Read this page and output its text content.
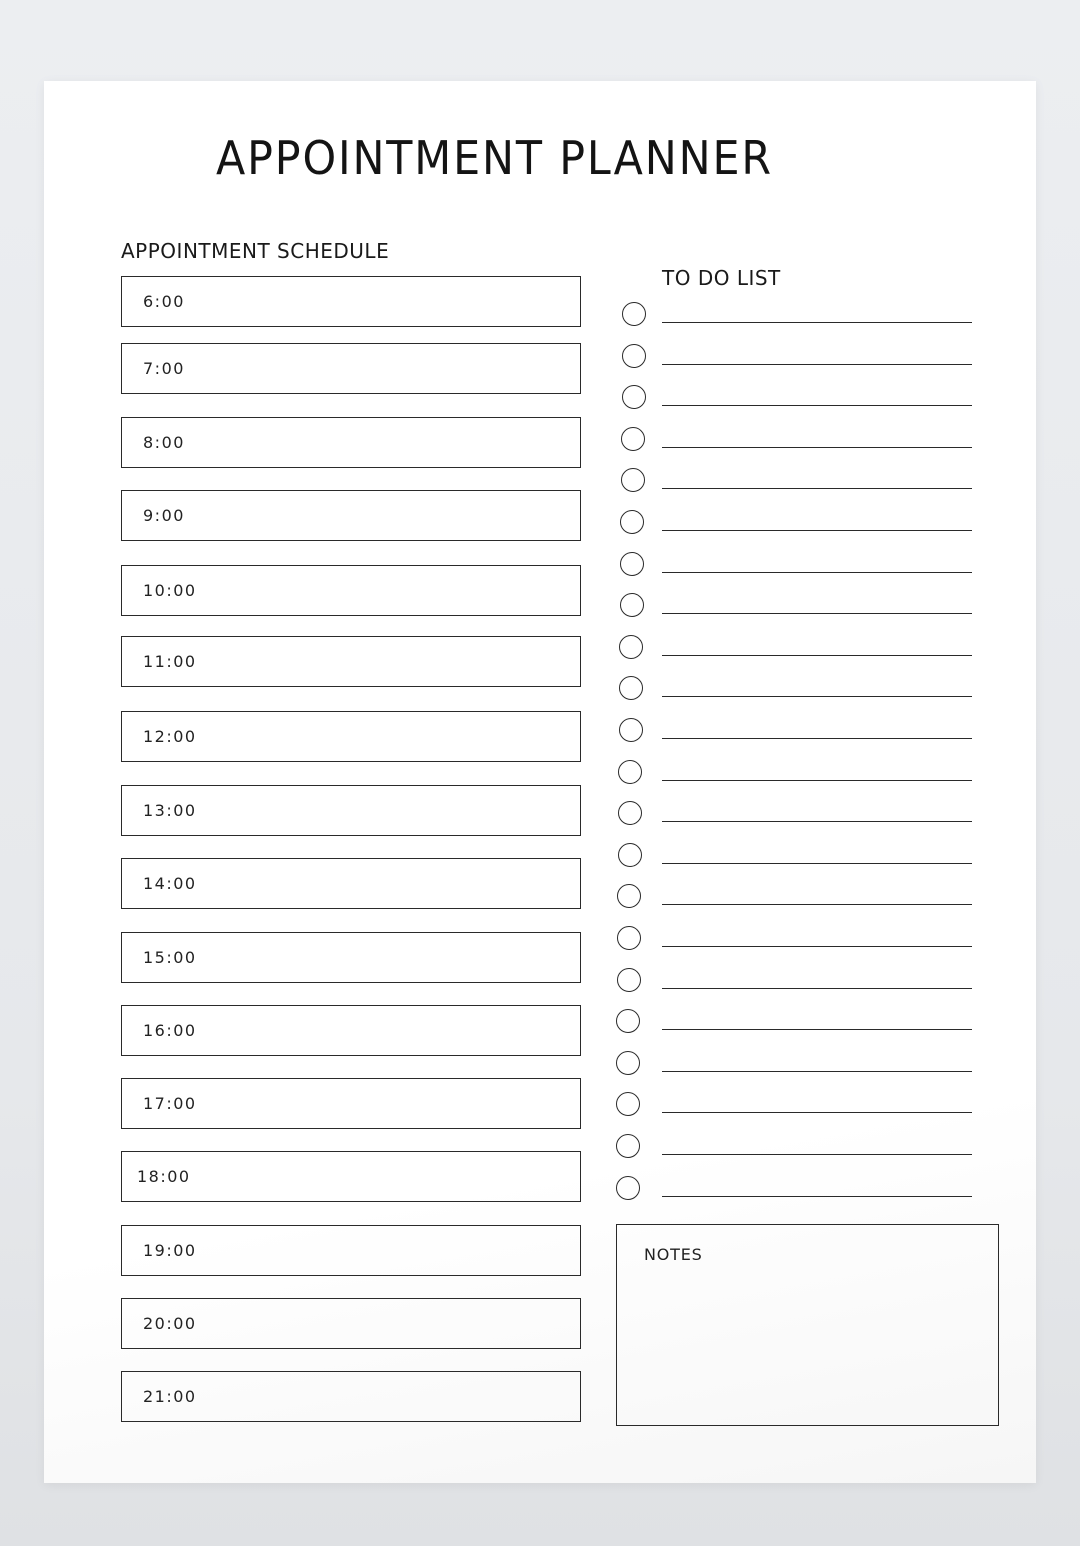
APPOINTMENT PLANNER
APPOINTMENT SCHEDULE
6:00
7:00
8:00
9:00
10:00
11:00
12:00
13:00
14:00
15:00
16:00
17:00
18:00
19:00
20:00
21:00
TO DO LIST
NOTES
